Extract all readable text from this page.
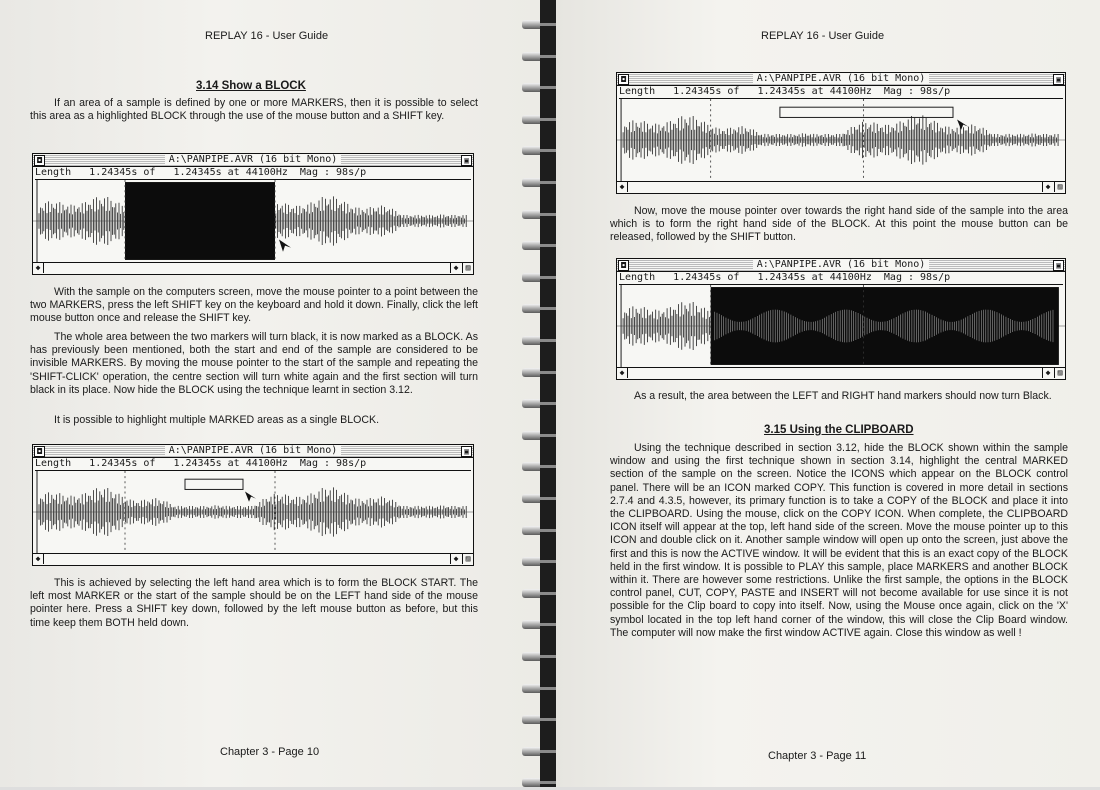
REPLAY 16 - User Guide
3.14 Show a BLOCK

If an area of a sample is defined by one or more MARKERS, then it is possible to select this area as a highlighted BLOCK through the use of the mouse button and a SHIFT key.

◘	A:\PANPIPE.AVR (16 bit Mono)	▣
Length   1.24345s of   1.24345s at 44100Hz  Mag : 98s/p
◆	◆ ▨

With the sample on the computers screen, move the mouse pointer to a point between the two MARKERS, press the left SHIFT key on the keyboard and hold it down. Finally, click the left mouse button once and release the SHIFT key.

The whole area between the two markers will turn black, it is now marked as a BLOCK. As has previously been mentioned, both the start and end of the sample are considered to be invisible MARKERS. By moving the mouse pointer to the start of the sample and repeating the 'SHIFT-CLICK' operation, the centre section will turn white again and the first section will turn black in its place. Now hide the BLOCK using the technique learnt in section 3.12.

It is possible to highlight multiple MARKED areas as a single BLOCK.

◘	A:\PANPIPE.AVR (16 bit Mono)	▣
Length   1.24345s of   1.24345s at 44100Hz  Mag : 98s/p
◆	◆ ▨

This is achieved by selecting the left hand area which is to form the BLOCK START. The left most MARKER or the start of the sample should be on the LEFT hand side of the mouse pointer here. Press a SHIFT key down, followed by the left mouse button as before, but this time keep them BOTH held down.

Chapter 3 - Page 10
REPLAY 16 - User Guide
◘	A:\PANPIPE.AVR (16 bit Mono)	▣
Length   1.24345s of   1.24345s at 44100Hz  Mag : 98s/p
◆	◆ ▨

Now, move the mouse pointer over towards the right hand side of the sample into the area which is to form the right hand side of the BLOCK. At this point the mouse button can be released, followed by the SHIFT button.

◘	A:\PANPIPE.AVR (16 bit Mono)	▣
Length   1.24345s of   1.24345s at 44100Hz  Mag : 98s/p
◆	◆ ▨

As a result, the area between the LEFT and RIGHT hand markers should now turn Black.

3.15 Using the CLIPBOARD

Using the technique described in section 3.12, hide the BLOCK shown within the sample window and using the first technique shown in section 3.14, highlight the central MARKED section of the sample on the screen. Notice the ICONS which appear on the BLOCK control panel. There will be an ICON marked COPY. This function is covered in more detail in sections 2.7.4 and 4.3.5, however, its primary function is to take a COPY of the BLOCK and place it into the CLIPBOARD. Using the mouse, click on the COPY ICON. When complete, the CLIPBOARD ICON itself will appear at the top, left hand side of the screen. Move the mouse pointer up to this ICON and double click on it. Another sample window will open up onto the screen, just above the first and this is now the ACTIVE window. It will be evident that this is an exact copy of the BLOCK held in the first window. It is possible to PLAY this sample, place MARKERS and another BLOCK within it. There are however some restrictions. Unlike the first sample, the options in the BLOCK control panel, CUT, COPY, PASTE and INSERT will not become available for use since it is not possible for the Clip board to copy into itself. Now, using the Mouse once again, click on the 'X' symbol located in the top left hand corner of the window, this will close the Clip Board window. The computer will now make the first window ACTIVE again. Close this window as well !

Chapter 3 - Page 11
